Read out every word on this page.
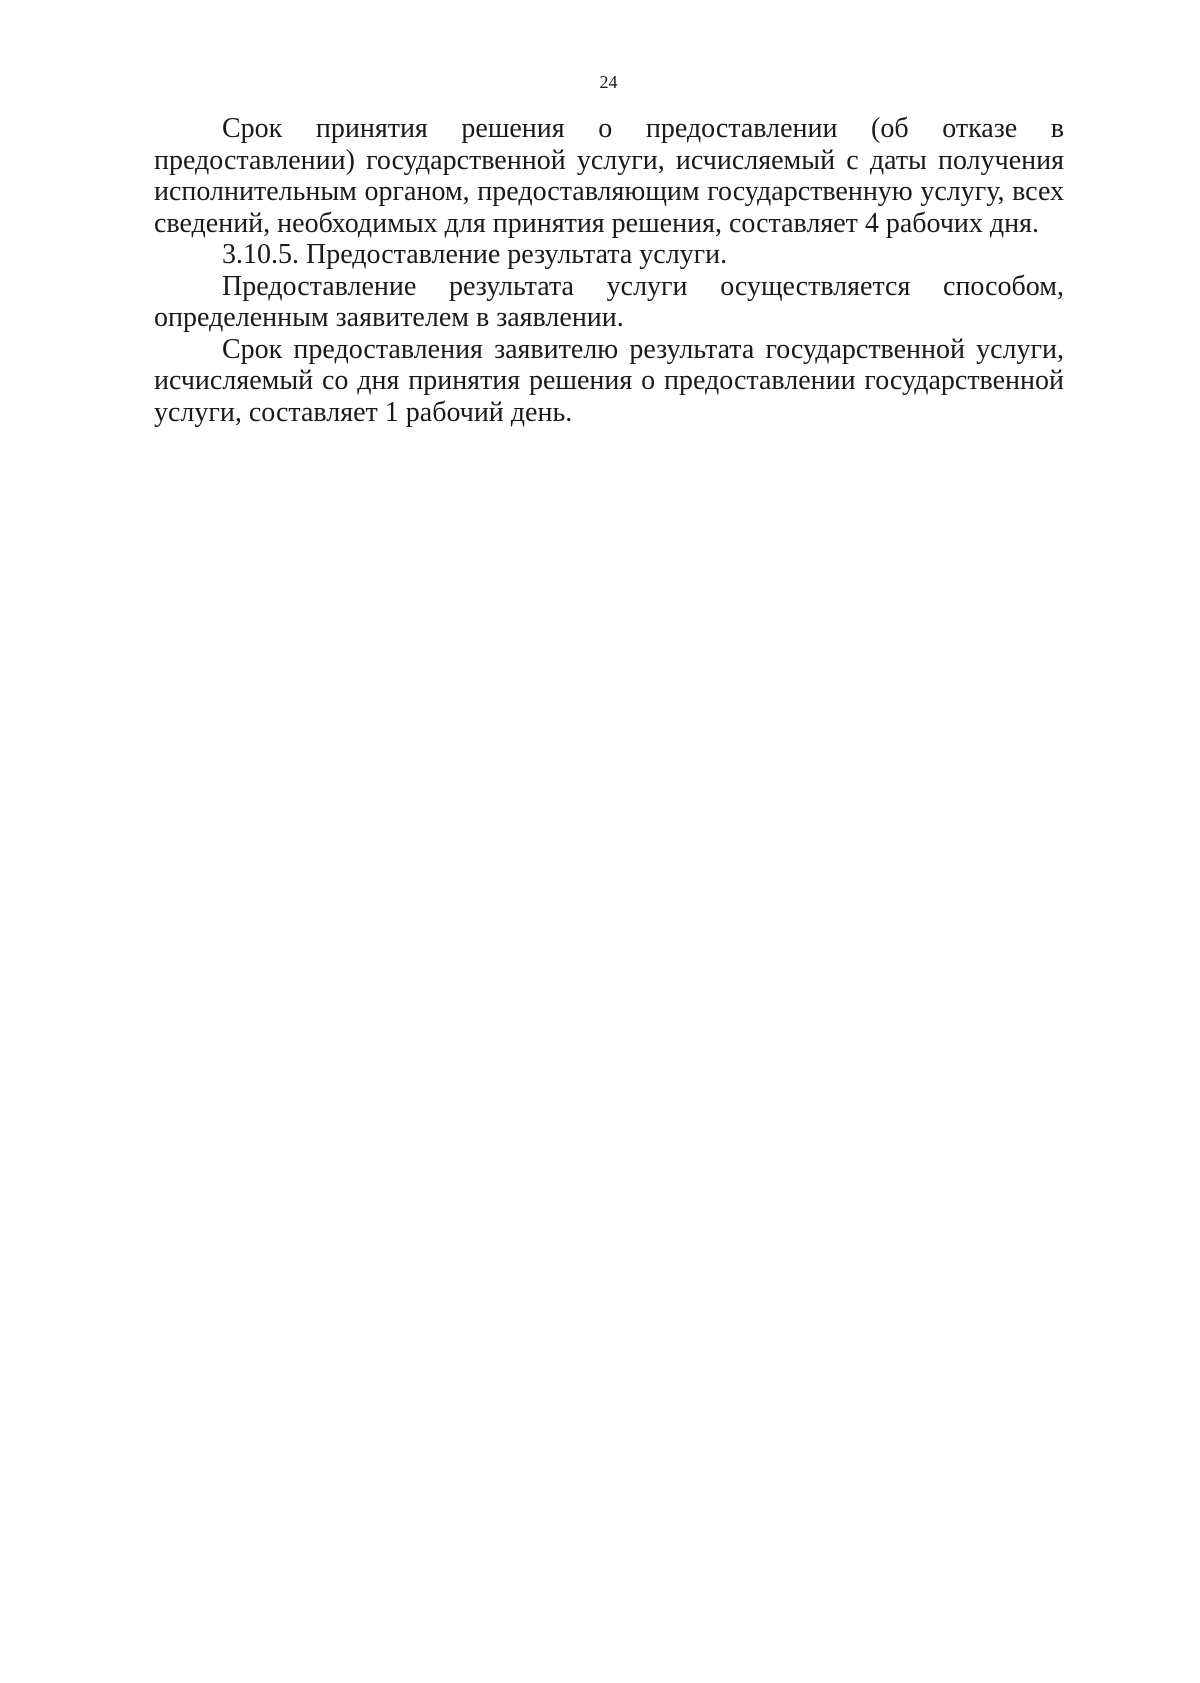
24

Срок принятия решения о предоставлении (об отказе в предоставлении) государственной услуги, исчисляемый с даты получения исполнительным органом, предоставляющим государственную услугу, всех сведений, необходимых для принятия решения, составляет 4 рабочих дня.

3.10.5. Предоставление результата услуги.

Предоставление результата услуги осуществляется способом, определенным заявителем в заявлении.

Срок предоставления заявителю результата государственной услуги, исчисляемый со дня принятия решения о предоставлении государственной услуги, составляет 1 рабочий день.
